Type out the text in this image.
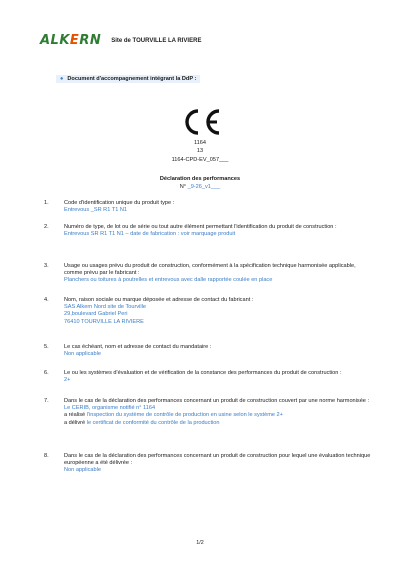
ALKERN Site de TOURVILLE LA RIVIERE
● Document d'accompagnement intégrant la DdP :
1164
13
1164-CPD-EV_057___
Déclaration des performances
N° _9-26_v1___
1.	Code d'identification unique du produit type :
Entrevous _SR R1 T1 N1
2.	Numéro de type, de lot ou de série ou tout autre élément permettant l'identification du produit de construction :
Entrevous SR R1 T1 N1 – date de fabrication : voir marquage produit
3.	Usage ou usages prévu du produit de construction, conformément à la spécification technique harmonisée applicable, comme prévu par le fabricant :
Planchers ou toitures à poutrelles et entrevous avec dalle rapportée coulée en place
4.	Nom, raison sociale ou marque déposée et adresse de contact du fabricant :
SAS Alkern Nord site de Tourville
29,boulevard Gabriel Peri
76410 TOURVILLE LA RIVIERE
5.	Le cas échéant, nom et adresse de contact du mandataire :
Non applicable
6.	Le ou les systèmes d'évaluation et de vérification de la constance des performances du produit de construction :
2+
7.	Dans le cas de la déclaration des performances concernant un produit de construction couvert par une norme harmonisée :
Le CERIB, organisme notifié n° 1164
a réalisé l'inspection du système de contrôle de production en usine selon le système 2+
a délivré le certificat de conformité du contrôle de la production
8.	Dans le cas de la déclaration des performances concernant un produit de construction pour lequel une évaluation technique européenne a été délivrée :
Non applicable
1/2
